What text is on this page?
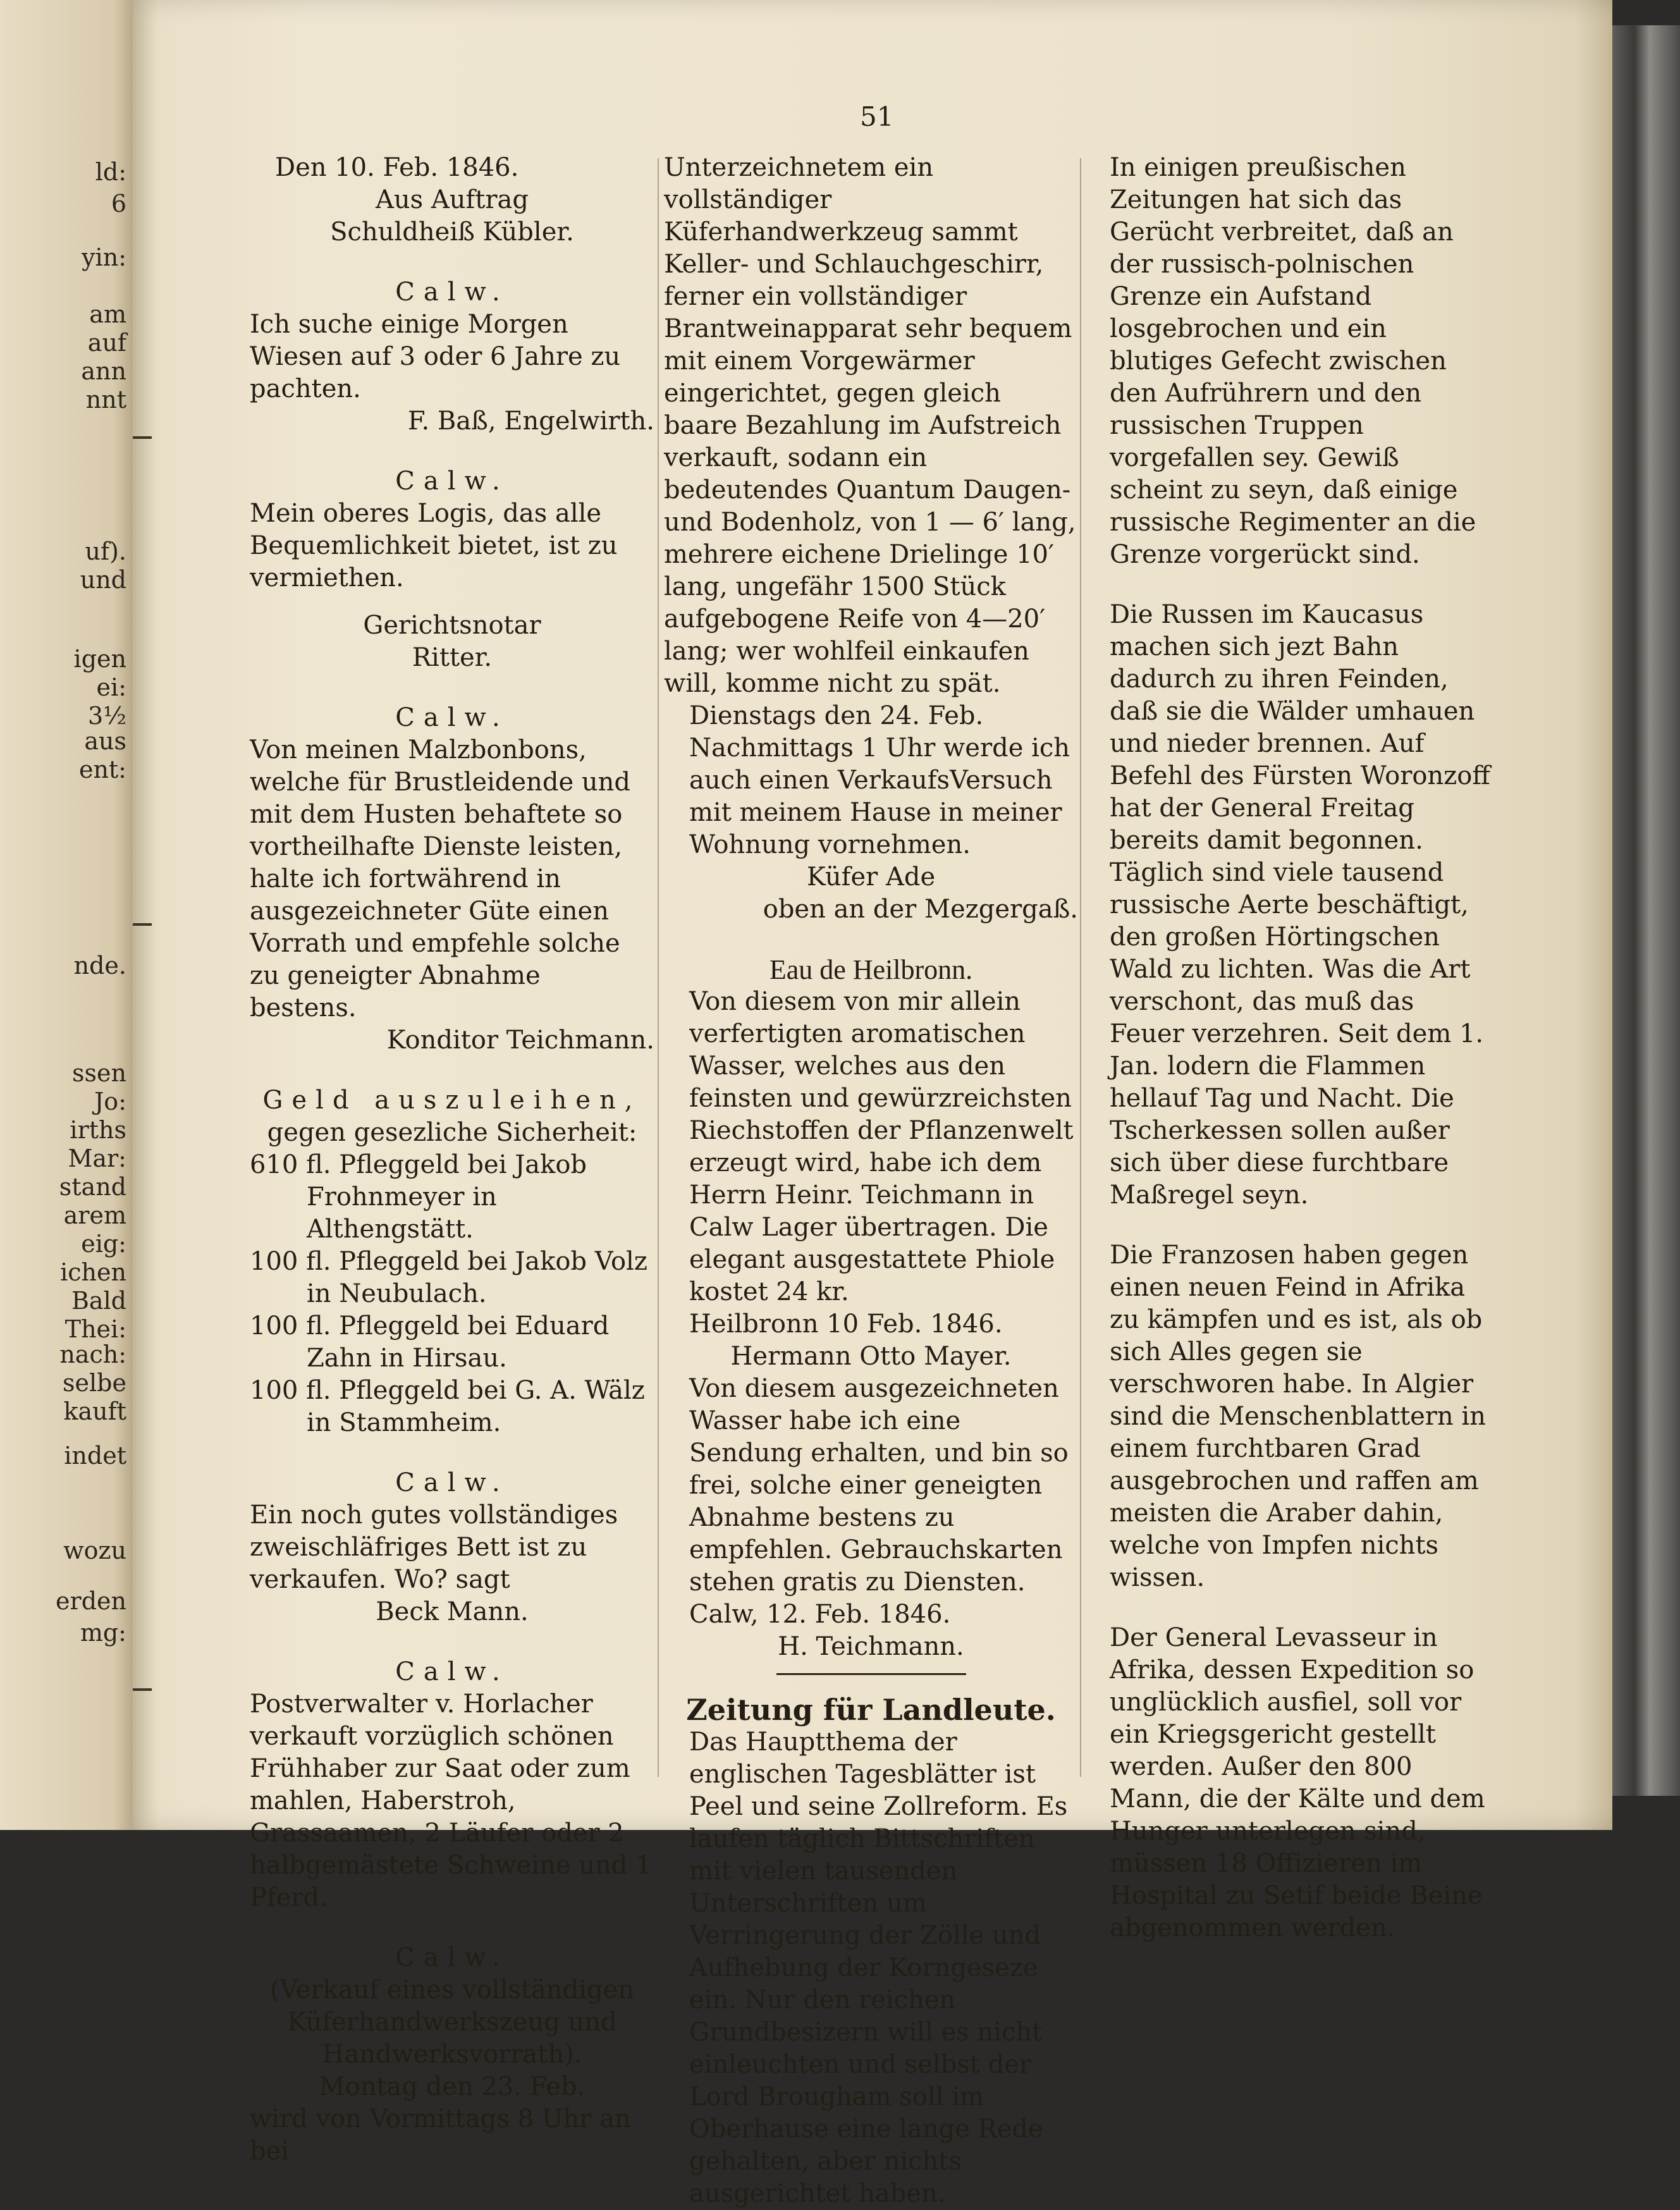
ld:
6
yin:
am
auf
ann
nnt
uf).
und
igen
ei:
3½
aus
ent:
nde.
ssen
Jo:
irths
Mar:
stand
arem
eig:
ichen
Bald
Thei:
nach:
selbe
kauft
indet
wozu
erden
mg:
51

Den 10. Feb. 1846.

Aus Auftrag

Schuldheiß Kübler.

Calw.

Ich suche einige Morgen Wiesen auf 3 oder 6 Jahre zu pachten.

F. Baß, Engelwirth.

Calw.

Mein oberes Logis, das alle Bequemlichkeit bietet, ist zu vermiethen.

Gerichtsnotar

Ritter.

Calw.

Von meinen Malzbonbons, welche für Brustleidende und mit dem Husten behaftete so vortheilhafte Dienste leisten, halte ich fortwährend in ausgezeichneter Güte einen Vorrath und empfehle solche zu geneigter Abnahme bestens.

Konditor Teichmann.

Geld auszuleihen,

gegen gesezliche Sicherheit:

610 fl. Pfleggeld bei Jakob Frohnmeyer in Althengstätt.

100 fl. Pfleggeld bei Jakob Volz in Neubulach.

100 fl. Pfleggeld bei Eduard Zahn in Hirsau.

100 fl. Pfleggeld bei G. A. Wälz in Stammheim.

Calw.

Ein noch gutes vollständiges zweischläfriges Bett ist zu verkaufen. Wo? sagt

Beck Mann.

Calw.

Postverwalter v. Horlacher verkauft vorzüglich schönen Frühhaber zur Saat oder zum mahlen, Haberstroh, Grassaamen, 2 Läufer oder 2 halbgemästete Schweine und 1 Pferd.

Calw.

(Verkauf eines vollständigen Küferhandwerkszeug und Handwerksvorrath).

Montag den 23. Feb.

wird von Vormittags 8 Uhr an bei

Unterzeichnetem ein vollständiger Küferhandwerkzeug sammt Keller- und Schlauchgeschirr, ferner ein vollständiger Brantweinapparat sehr bequem mit einem Vorgewärmer eingerichtet, gegen gleich baare Bezahlung im Aufstreich verkauft, sodann ein bedeutendes Quantum Daugen- und Bodenholz, von 1 — 6′ lang, mehrere eichene Drielinge 10′ lang, ungefähr 1500 Stück aufgebogene Reife von 4—20′ lang; wer wohlfeil einkaufen will, komme nicht zu spät.

Dienstags den 24. Feb. Nachmittags 1 Uhr werde ich auch einen VerkaufsVersuch mit meinem Hause in meiner Wohnung vornehmen.

Küfer Ade

oben an der Mezgergaß.

Eau de Heilbronn.

Von diesem von mir allein verfertigten aromatischen Wasser, welches aus den feinsten und gewürzreichsten Riechstoffen der Pflanzenwelt erzeugt wird, habe ich dem Herrn Heinr. Teichmann in Calw Lager übertragen. Die elegant ausgestattete Phiole kostet 24 kr.

Heilbronn 10 Feb. 1846.

Hermann Otto Mayer.

Von diesem ausgezeichneten Wasser habe ich eine Sendung erhalten, und bin so frei, solche einer geneigten Abnahme bestens zu empfehlen. Gebrauchskarten stehen gratis zu Diensten.

Calw, 12. Feb. 1846.

H. Teichmann.

Zeitung für Landleute.

Das Hauptthema der englischen Tagesblätter ist Peel und seine Zollreform. Es laufen täglich Bittschriften mit vielen tausenden Unterschriften um Verringerung der Zölle und Aufhebung der Korngeseze ein. Nur den reichen Grundbesizern will es nicht einleuchten und selbst der Lord Brougham soll im Oberhause eine lange Rede gehalten, aber nichts ausgerichtet haben.

In einigen preußischen Zeitungen hat sich das Gerücht verbreitet, daß an der russisch-polnischen Grenze ein Aufstand losgebrochen und ein blutiges Gefecht zwischen den Aufrührern und den russischen Truppen vorgefallen sey. Gewiß scheint zu seyn, daß einige russische Regimenter an die Grenze vorgerückt sind.

Die Russen im Kaucasus machen sich jezt Bahn dadurch zu ihren Feinden, daß sie die Wälder umhauen und nieder brennen. Auf Befehl des Fürsten Woronzoff hat der General Freitag bereits damit begonnen. Täglich sind viele tausend russische Aerte beschäftigt, den großen Hörtingschen Wald zu lichten. Was die Art verschont, das muß das Feuer verzehren. Seit dem 1. Jan. lodern die Flammen hellauf Tag und Nacht. Die Tscherkessen sollen außer sich über diese furchtbare Maßregel seyn.

Die Franzosen haben gegen einen neuen Feind in Afrika zu kämpfen und es ist, als ob sich Alles gegen sie verschworen habe. In Algier sind die Menschenblattern in einem furchtbaren Grad ausgebrochen und raffen am meisten die Araber dahin, welche von Impfen nichts wissen.

Der General Levasseur in Afrika, dessen Expedition so unglücklich ausfiel, soll vor ein Kriegsgericht gestellt werden. Außer den 800 Mann, die der Kälte und dem Hunger unterlegen sind, müssen 18 Offizieren im Hospital zu Setif beide Beine abgenommen werden.
